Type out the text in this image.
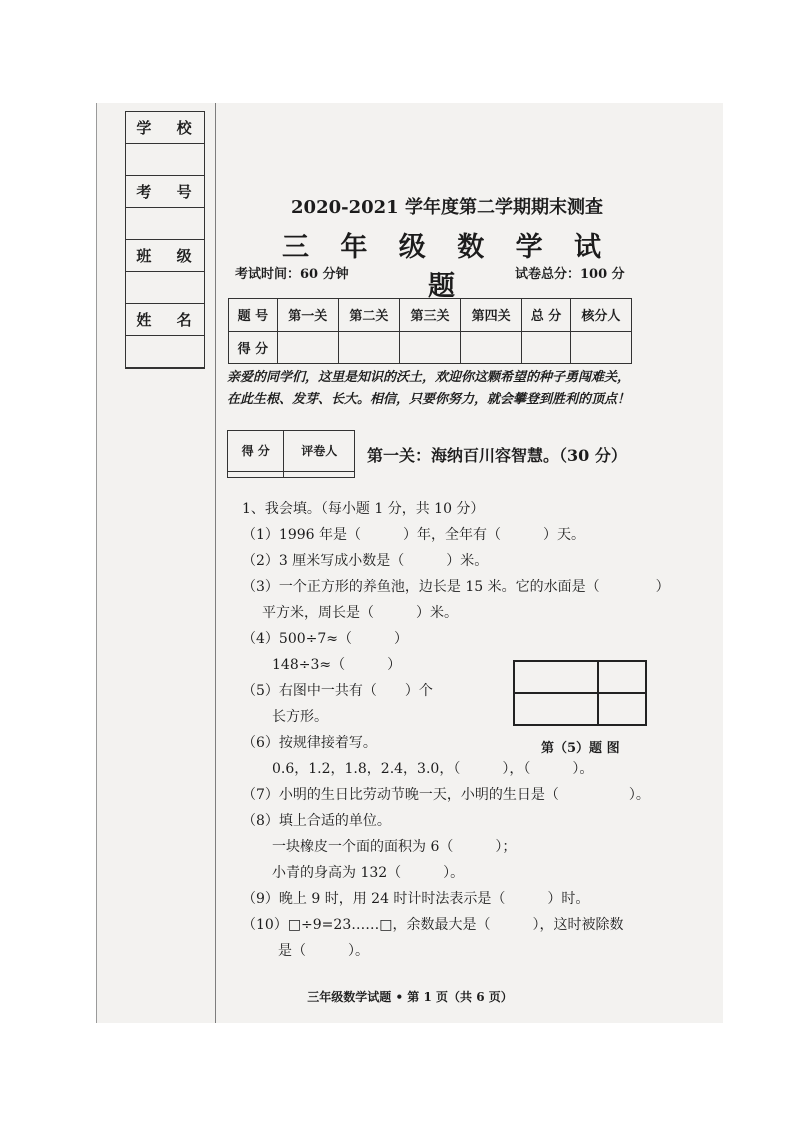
学 校
考 号
班 级
姓 名
2020-2021 学年度第二学期期末测查
三 年 级 数 学 试 题
考试时间：60 分钟	试卷总分：100 分
题 号	第一关	第二关	第三关	第四关	总 分	核分人
得 分						
亲爱的同学们，这里是知识的沃土，欢迎你这颗希望的种子勇闯难关，在此生根、发芽、长大。相信，只要你努力，就会攀登到胜利的顶点！
得 分	评卷人
	第一关：海纳百川容智慧。（30 分）
1、我会填。（每小题 1 分，共 10 分）
（1）1996 年是（　　　）年，全年有（　　　）天。
（2）3 厘米写成小数是（　　　）米。
（3）一个正方形的养鱼池，边长是 15 米。它的水面是（　　　　）
平方米，周长是（　　　）米。
（4）500÷7≈（　　　）
148÷3≈（　　　）
（5）右图中一共有（　　）个
长方形。
（6）按规律接着写。
0.6，1.2，1.8，2.4，3.0，（　　　），（　　　）。
（7）小明的生日比劳动节晚一天，小明的生日是（　　　　　）。
（8）填上合适的单位。
一块橡皮一个面的面积为 6（　　　）；
小青的身高为 132（　　　）。
（9）晚上 9 时，用 24 时计时法表示是（　　　）时。
（10）□÷9=23……□，余数最大是（　　　），这时被除数
是（　　　）。
第（5）题 图
三年级数学试题 • 第 1 页（共 6 页）
